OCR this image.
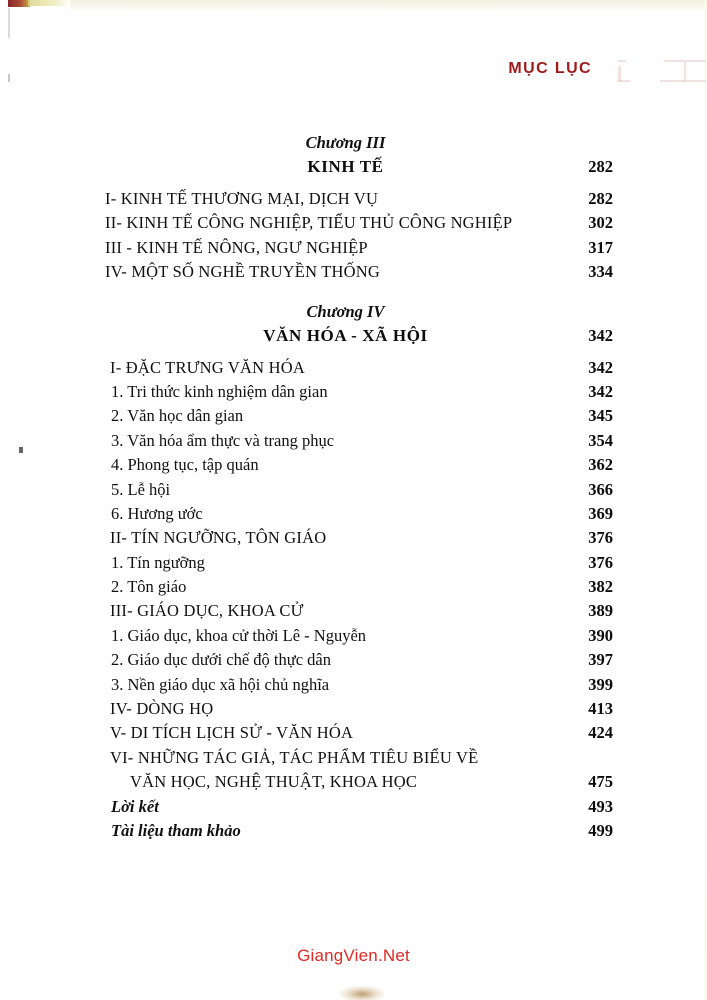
MỤC LỤC
Chương III
KINH TẾ	282
I- KINH TẾ THƯƠNG MẠI, DỊCH VỤ	282
II- KINH TẾ CÔNG NGHIỆP, TIỂU THỦ CÔNG NGHIỆP	302
III - KINH TẾ NÔNG, NGƯ NGHIỆP	317
IV- MỘT SỐ NGHỀ TRUYỀN THỐNG	334
Chương IV
VĂN HÓA - XÃ HỘI	342
I- ĐẶC TRƯNG VĂN HÓA	342
1. Tri thức kinh nghiệm dân gian	342
2. Văn học dân gian	345
3. Văn hóa ẩm thực và trang phục	354
4. Phong tục, tập quán	362
5. Lễ hội	366
6. Hương ước	369
II- TÍN NGƯỠNG, TÔN GIÁO	376
1. Tín ngưỡng	376
2. Tôn giáo	382
III- GIÁO DỤC, KHOA CỬ	389
1. Giáo dục, khoa cử thời Lê - Nguyễn	390
2. Giáo dục dưới chế độ thực dân	397
3. Nền giáo dục xã hội chủ nghĩa	399
IV- DÒNG HỌ	413
V- DI TÍCH LỊCH SỬ - VĂN HÓA	424
VI- NHỮNG TÁC GIẢ, TÁC PHẨM TIÊU BIỂU VỀ
VĂN HỌC, NGHỆ THUẬT, KHOA HỌC	475
Lời kết	493
Tài liệu tham khảo	499
GiangVien.Net
